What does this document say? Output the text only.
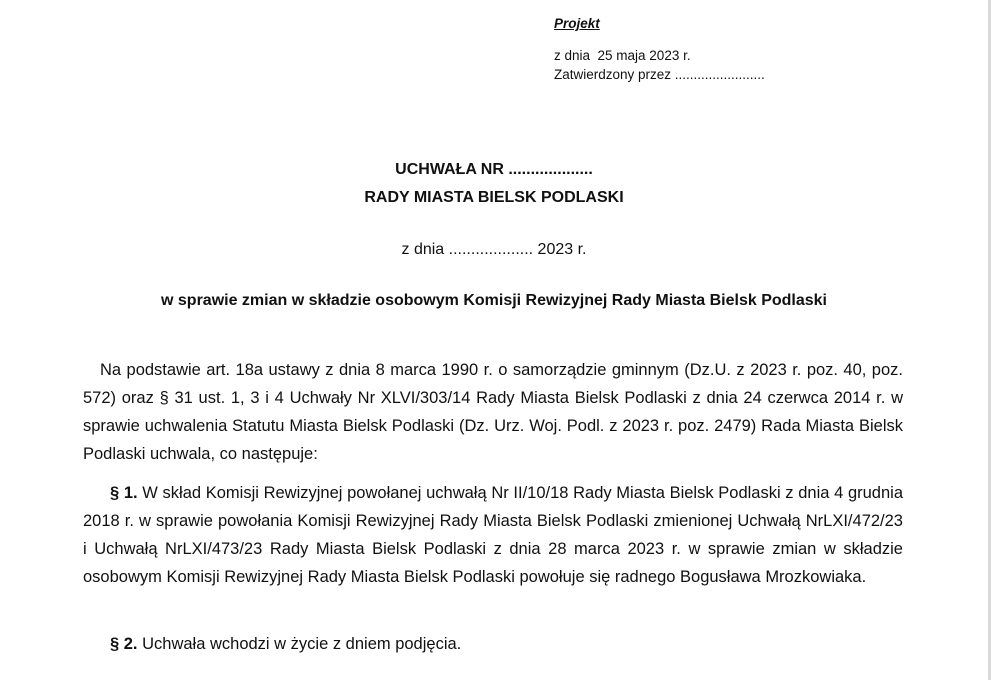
Projekt
z dnia  25 maja 2023 r.
Zatwierdzony przez ........................
UCHWAŁA NR ...................
RADY MIASTA BIELSK PODLASKI
z dnia ................... 2023 r.
w sprawie zmian w składzie osobowym Komisji Rewizyjnej Rady Miasta Bielsk Podlaski
Na podstawie art. 18a ustawy z dnia 8 marca 1990 r. o samorządzie gminnym (Dz.U. z 2023 r. poz. 40, poz. 572) oraz § 31 ust. 1, 3 i 4 Uchwały Nr XLVI/303/14 Rady Miasta Bielsk Podlaski z dnia 24 czerwca 2014 r. w sprawie uchwalenia Statutu Miasta Bielsk Podlaski (Dz. Urz. Woj. Podl. z 2023 r. poz. 2479) Rada Miasta Bielsk Podlaski uchwala, co następuje:
§ 1. W skład Komisji Rewizyjnej powołanej uchwałą Nr II/10/18 Rady Miasta Bielsk Podlaski z dnia 4 grudnia 2018 r. w sprawie powołania Komisji Rewizyjnej Rady Miasta Bielsk Podlaski zmienionej Uchwałą NrLXI/472/23 i Uchwałą NrLXI/473/23 Rady Miasta Bielsk Podlaski z dnia 28 marca 2023 r. w sprawie zmian w składzie osobowym Komisji Rewizyjnej Rady Miasta Bielsk Podlaski powołuje się radnego Bogusława Mrozkowiaka.
§ 2. Uchwała wchodzi w życie z dniem podjęcia.
